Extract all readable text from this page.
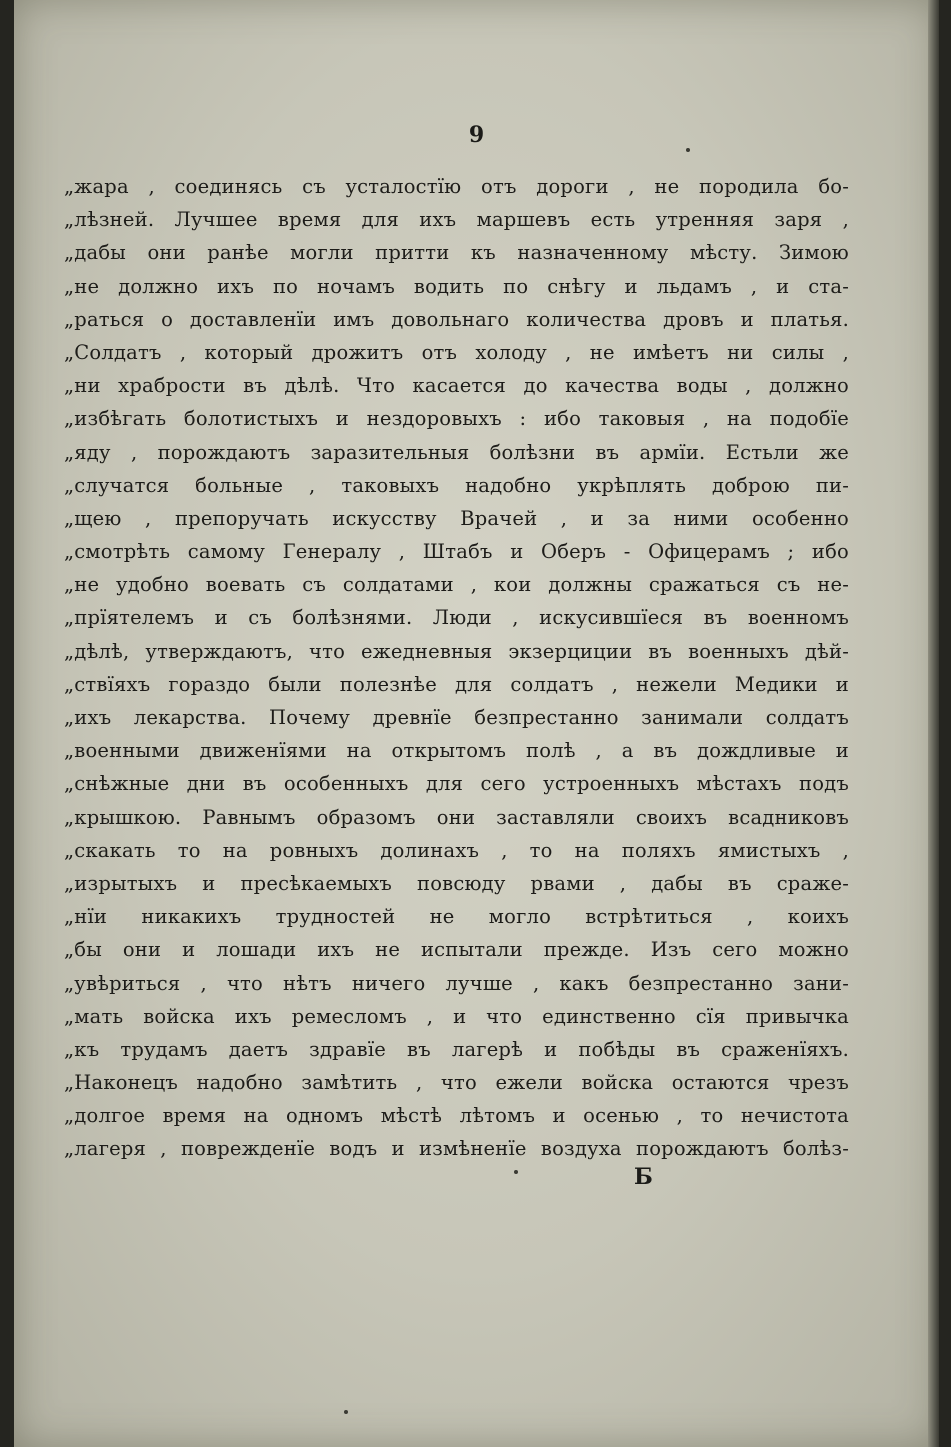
9
„жара , соединясь съ усталостїю отъ дороги , не породила бо-
„лѣзней. Лучшее время для ихъ маршевъ есть утренняя заря ,
„дабы они ранѣе могли притти къ назначенному мѣсту. Зимою
„не должно ихъ по ночамъ водить по снѣгу и льдамъ , и ста-
„раться о доставленїи имъ довольнаго количества дровъ и платья.
„Солдатъ , который дрожитъ отъ холоду , не имѣетъ ни силы ,
„ни храбрости въ дѣлѣ. Что касается до качества воды , должно
„избѣгать болотистыхъ и нездоровыхъ : ибо таковыя , на подобїе
„яду , порождаютъ заразительныя болѣзни въ армїи. Естьли же
„случатся больные , таковыхъ надобно укрѣплять доброю пи-
„щею , препоручать искусству Врачей , и за ними особенно
„смотрѣть самому Генералу , Штабъ и Оберъ - Офицерамъ ; ибо
„не удобно воевать съ солдатами , кои должны сражаться съ не-
„прїятелемъ и съ болѣзнями. Люди , искусившїеся въ военномъ
„дѣлѣ, утверждаютъ, что ежедневныя экзерциции въ военныхъ дѣй-
„ствїяхъ гораздо были полезнѣе для солдатъ , нежели Медики и
„ихъ лекарства. Почему древнїе безпрестанно занимали солдатъ
„военными движенїями на открытомъ полѣ , а въ дождливые и
„снѣжные дни въ особенныхъ для сего устроенныхъ мѣстахъ подъ
„крышкою. Равнымъ образомъ они заставляли своихъ всадниковъ
„скакать то на ровныхъ долинахъ , то на поляхъ ямистыхъ ,
„изрытыхъ и пресѣкаемыхъ повсюду рвами , дабы въ сраже-
„нїи никакихъ трудностей не могло встрѣтиться , коихъ
„бы они и лошади ихъ не испытали прежде. Изъ сего можно
„увѣриться , что нѣтъ ничего лучше , какъ безпрестанно зани-
„мать войска ихъ ремесломъ , и что единственно сїя привычка
„къ трудамъ даетъ здравїе въ лагерѣ и побѣды въ сраженїяхъ.
„Наконецъ надобно замѣтить , что ежели войска остаются чрезъ
„долгое время на одномъ мѣстѣ лѣтомъ и осенью , то нечистота
„лагеря , поврежденїе водъ и измѣненїе воздуха порождаютъ болѣз-
Б
